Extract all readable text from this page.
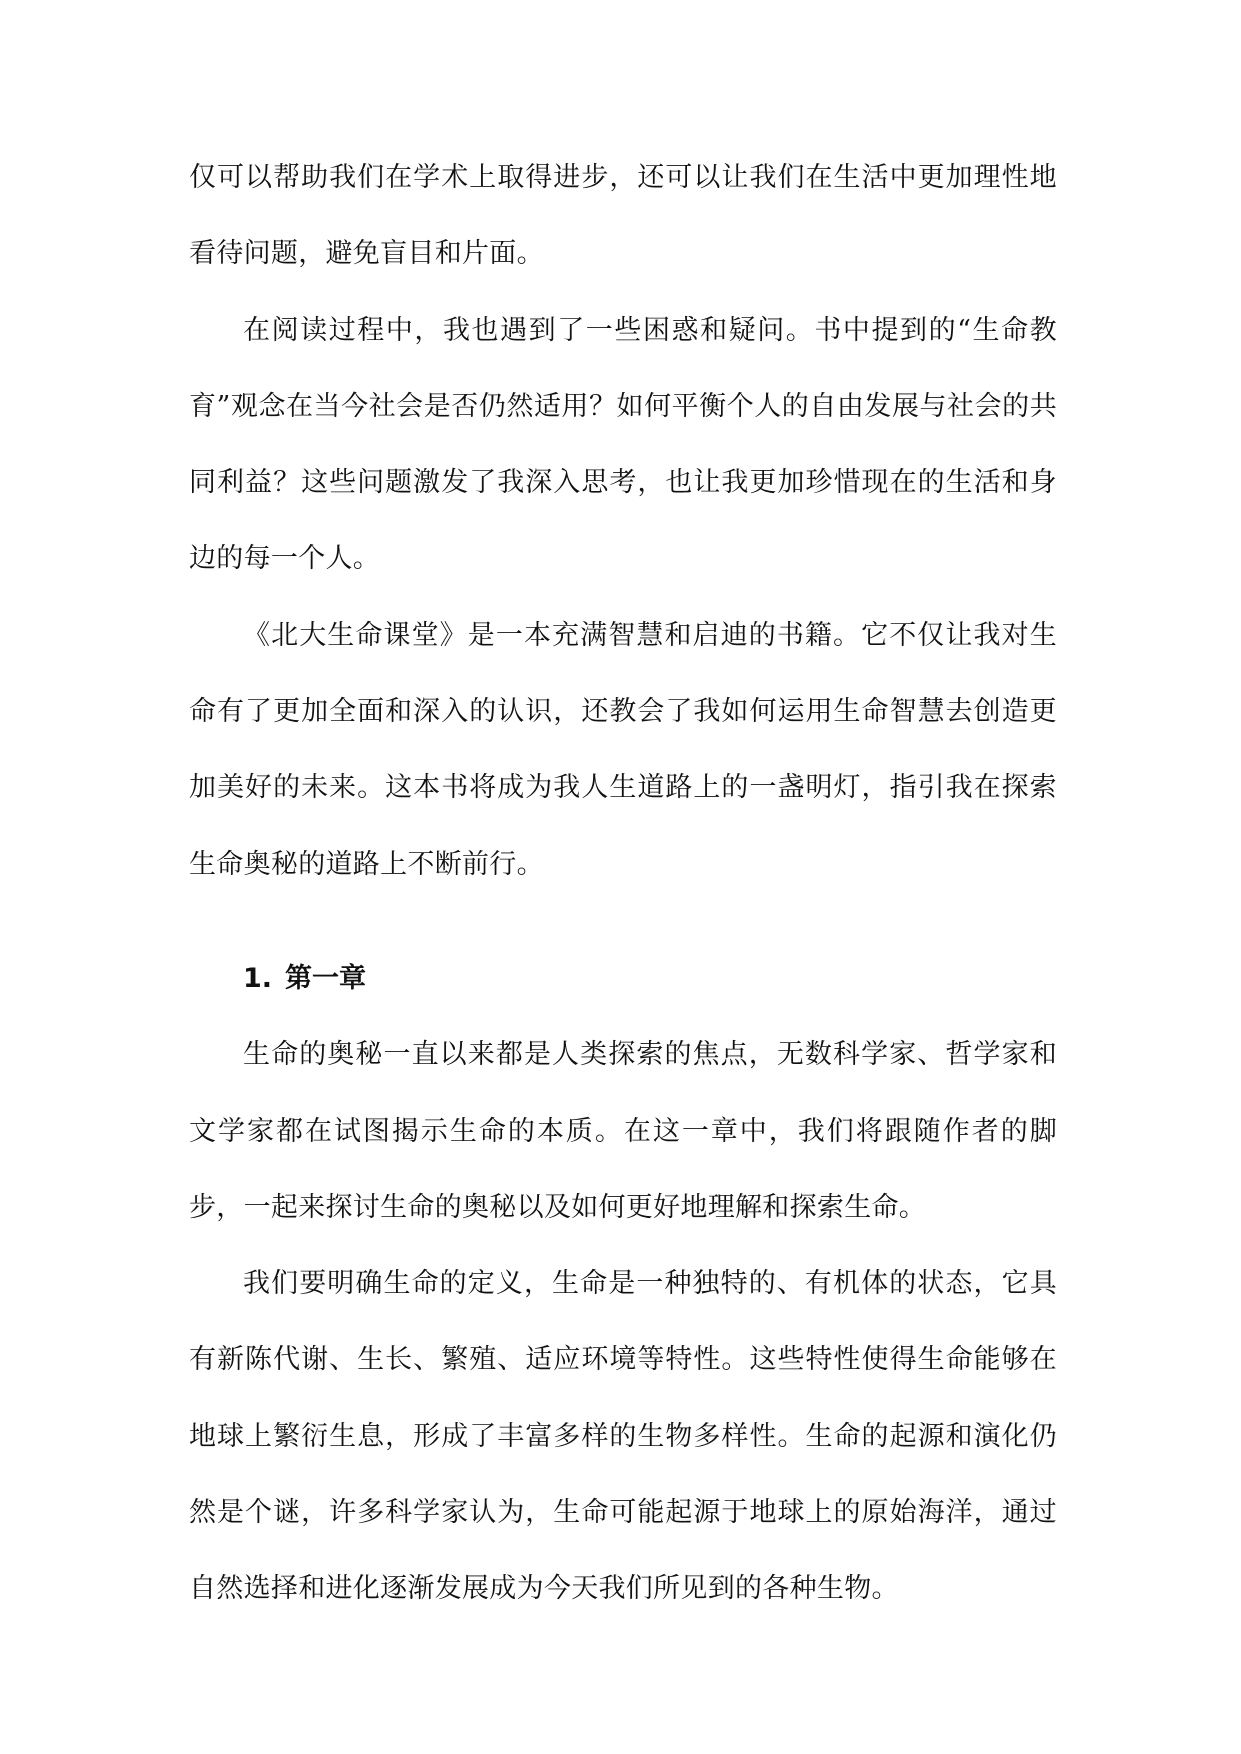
仅可以帮助我们在学术上取得进步，还可以让我们在生活中更加理性地看待问题，避免盲目和片面。

在阅读过程中，我也遇到了一些困惑和疑问。书中提到的“生命教育”观念在当今社会是否仍然适用？如何平衡个人的自由发展与社会的共同利益？这些问题激发了我深入思考，也让我更加珍惜现在的生活和身边的每一个人。

《北大生命课堂》是一本充满智慧和启迪的书籍。它不仅让我对生命有了更加全面和深入的认识，还教会了我如何运用生命智慧去创造更加美好的未来。这本书将成为我人生道路上的一盏明灯，指引我在探索生命奥秘的道路上不断前行。

1. 第一章

生命的奥秘一直以来都是人类探索的焦点，无数科学家、哲学家和文学家都在试图揭示生命的本质。在这一章中，我们将跟随作者的脚步，一起来探讨生命的奥秘以及如何更好地理解和探索生命。

我们要明确生命的定义，生命是一种独特的、有机体的状态，它具有新陈代谢、生长、繁殖、适应环境等特性。这些特性使得生命能够在地球上繁衍生息，形成了丰富多样的生物多样性。生命的起源和演化仍然是个谜，许多科学家认为，生命可能起源于地球上的原始海洋，通过自然选择和进化逐渐发展成为今天我们所见到的各种生物。
